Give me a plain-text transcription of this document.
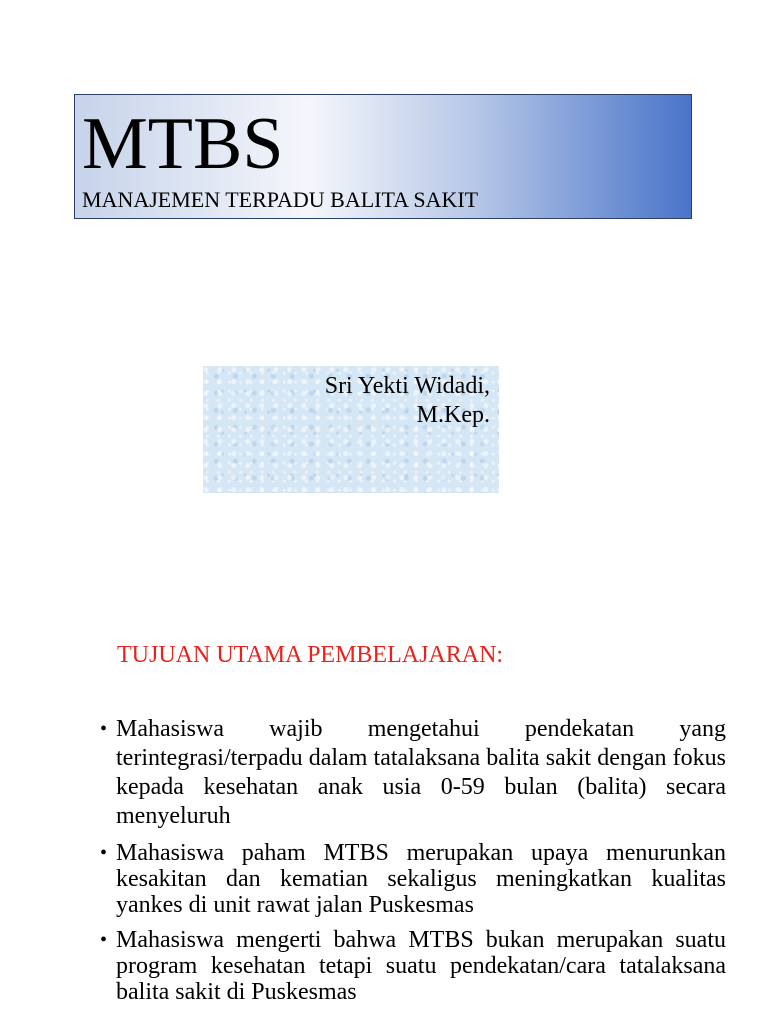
MTBS
MANAJEMEN TERPADU BALITA SAKIT
Sri Yekti Widadi,
M.Kep.
TUJUAN UTAMA PEMBELAJARAN:
• Mahasiswa wajib mengetahui pendekatan yang terintegrasi/terpadu dalam tatalaksana balita sakit dengan fokus kepada kesehatan anak usia 0-59 bulan (balita) secara menyeluruh
• Mahasiswa paham MTBS merupakan upaya menurunkan kesakitan dan kematian sekaligus meningkatkan kualitas yankes di unit rawat jalan Puskesmas
• Mahasiswa mengerti bahwa MTBS bukan merupakan suatu program kesehatan tetapi suatu pendekatan/cara tatalaksana balita sakit di Puskesmas
